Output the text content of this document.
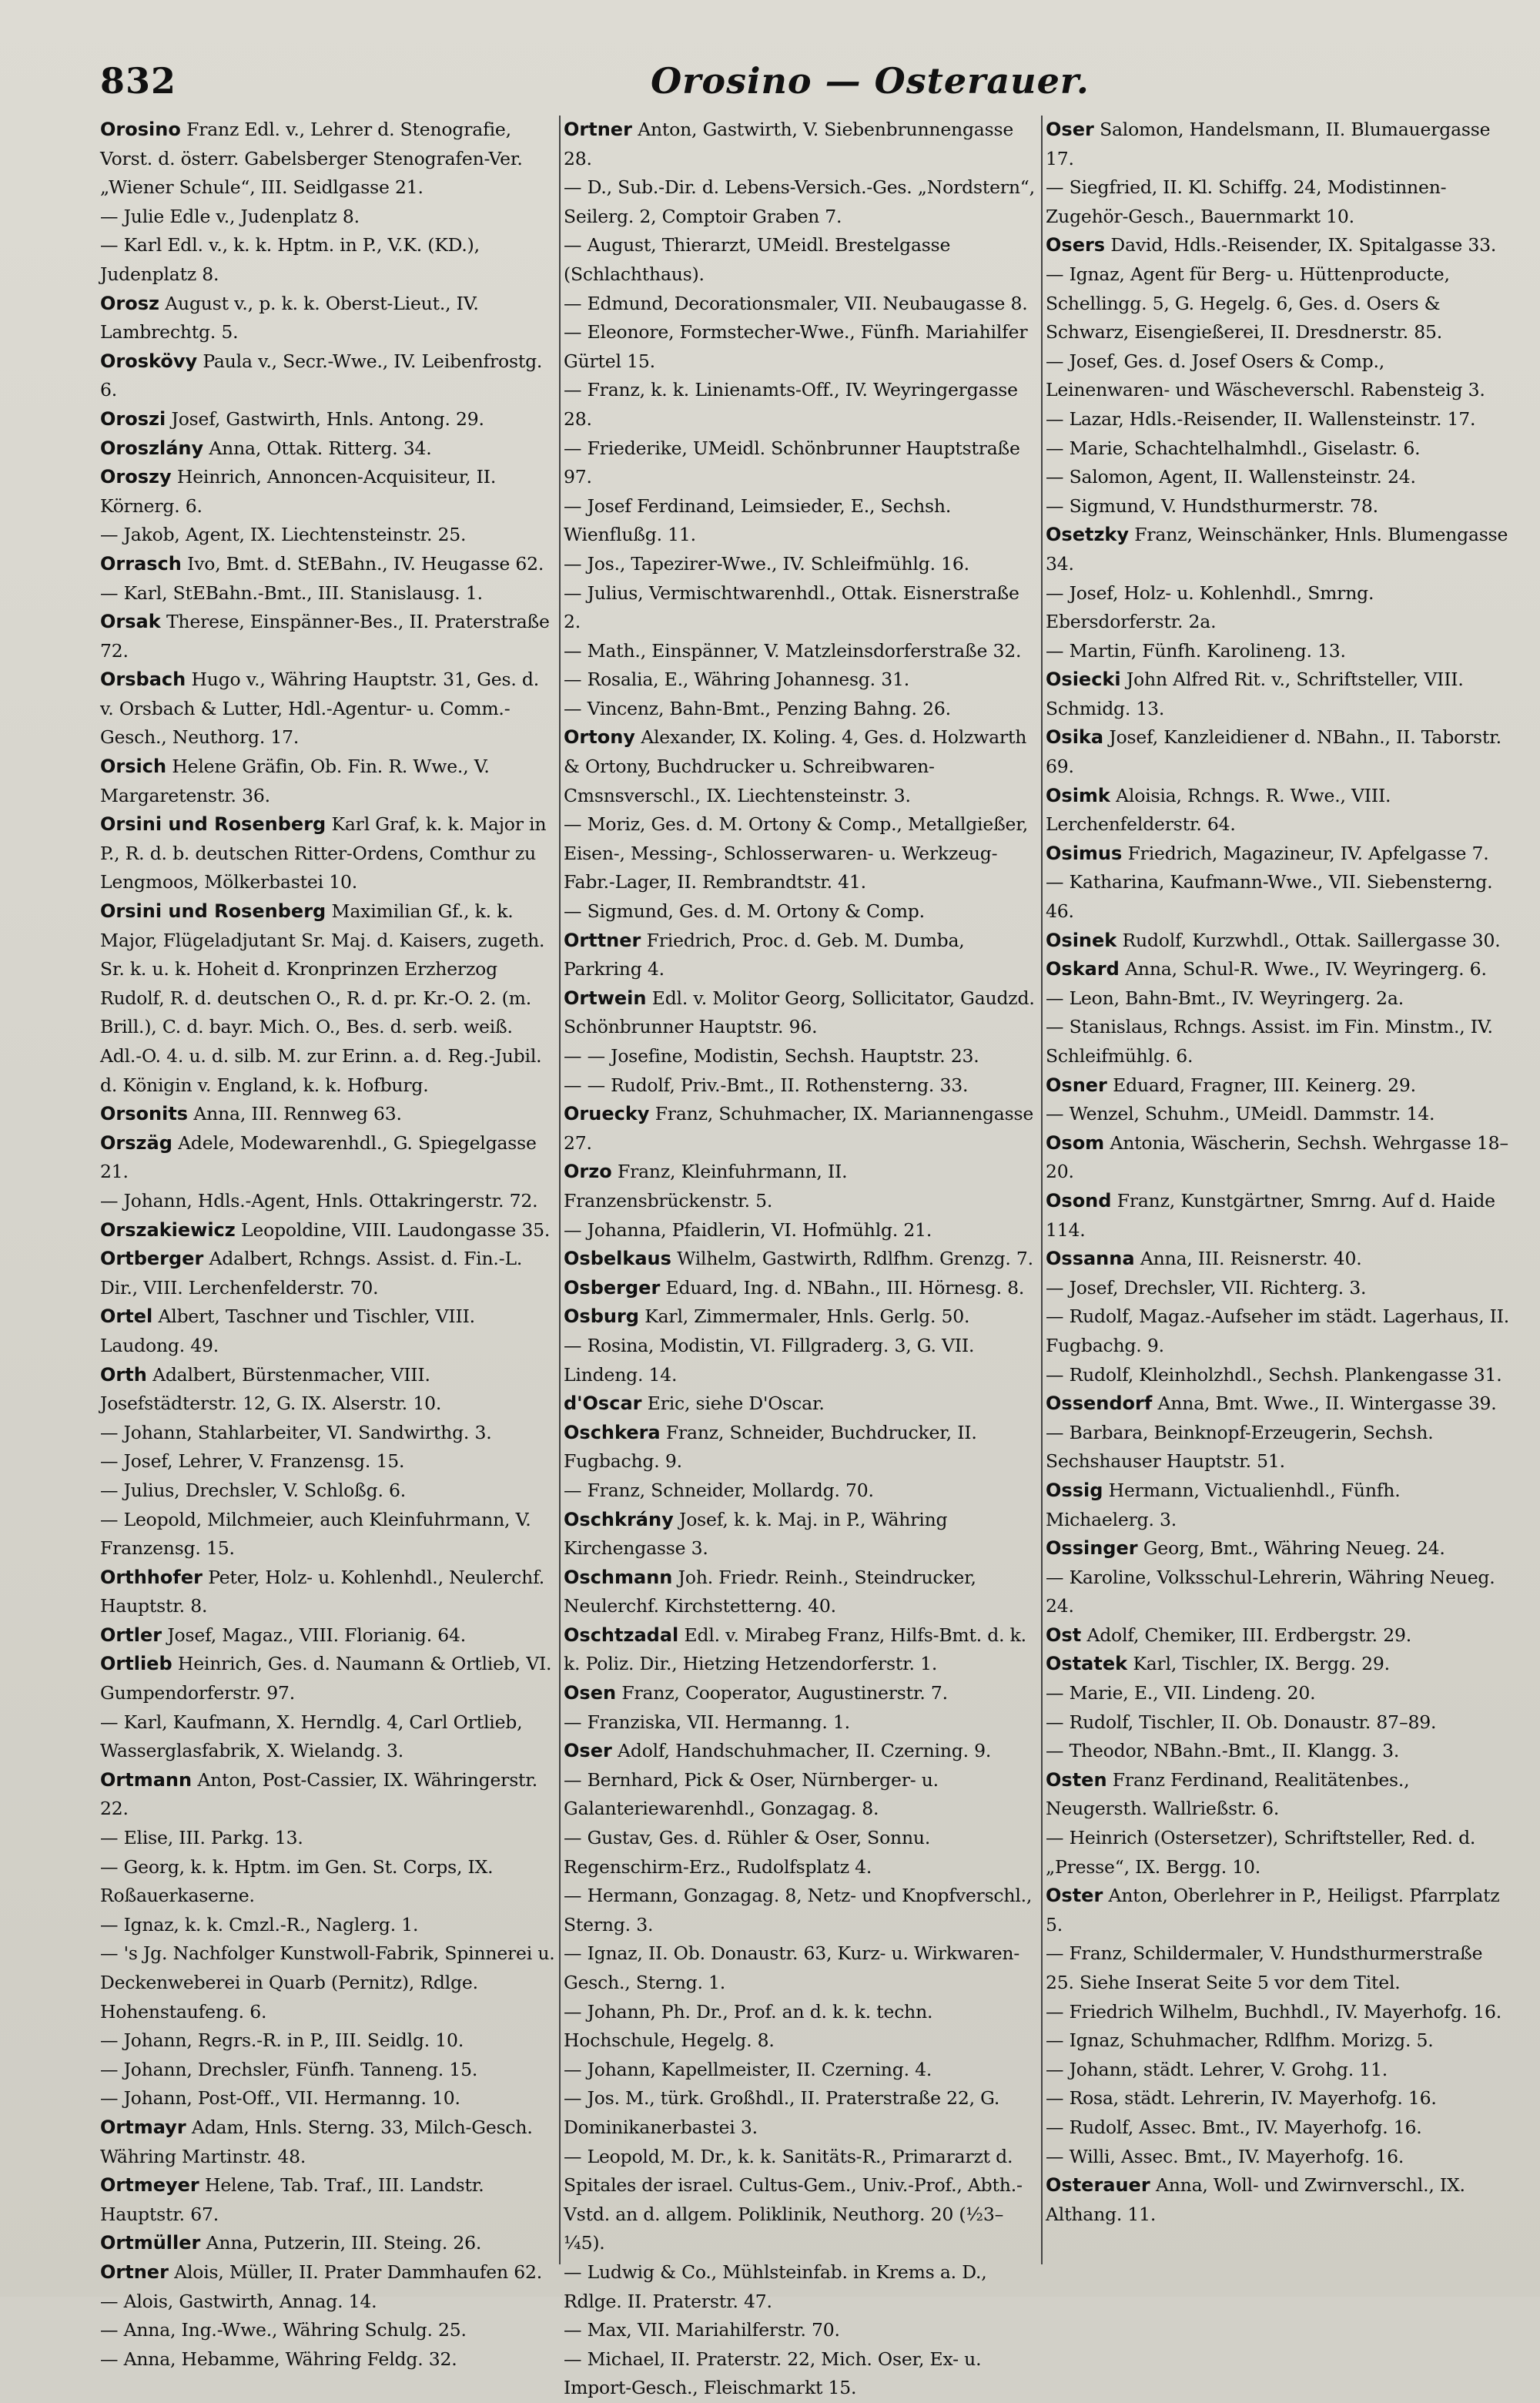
832	Orosino — Osterauer.

Orosino Franz Edl. v., Lehrer d. Stenografie, Vorst. d. österr. Gabelsberger Stenografen-Ver. „Wiener Schule“, III. Seidlgasse 21.

— Julie Edle v., Judenplatz 8.

— Karl Edl. v., k. k. Hptm. in P., V.K. (KD.), Judenplatz 8.

Orosz August v., p. k. k. Oberst-Lieut., IV. Lambrechtg. 5.

Oroskövy Paula v., Secr.-Wwe., IV. Leibenfrostg. 6.

Oroszi Josef, Gastwirth, Hnls. Antong. 29.

Oroszlány Anna, Ottak. Ritterg. 34.

Oroszy Heinrich, Annoncen-Acquisiteur, II. Körnerg. 6.

— Jakob, Agent, IX. Liechtensteinstr. 25.

Orrasch Ivo, Bmt. d. StEBahn., IV. Heugasse 62.

— Karl, StEBahn.-Bmt., III. Stanislausg. 1.

Orsak Therese, Einspänner-Bes., II. Praterstraße 72.

Orsbach Hugo v., Währing Hauptstr. 31, Ges. d. v. Orsbach & Lutter, Hdl.-Agentur- u. Comm.-Gesch., Neuthorg. 17.

Orsich Helene Gräfin, Ob. Fin. R. Wwe., V. Margaretenstr. 36.

Orsini und Rosenberg Karl Graf, k. k. Major in P., R. d. b. deutschen Ritter-Ordens, Comthur zu Lengmoos, Mölkerbastei 10.

Orsini und Rosenberg Maximilian Gf., k. k. Major, Flügeladjutant Sr. Maj. d. Kaisers, zugeth. Sr. k. u. k. Hoheit d. Kronprinzen Erzherzog Rudolf, R. d. deutschen O., R. d. pr. Kr.-O. 2. (m. Brill.), C. d. bayr. Mich. O., Bes. d. serb. weiß. Adl.-O. 4. u. d. silb. M. zur Erinn. a. d. Reg.-Jubil. d. Königin v. England, k. k. Hofburg.

Orsonits Anna, III. Rennweg 63.

Orszäg Adele, Modewarenhdl., G. Spiegelgasse 21.

— Johann, Hdls.-Agent, Hnls. Ottakringerstr. 72.

Orszakiewicz Leopoldine, VIII. Laudongasse 35.

Ortberger Adalbert, Rchngs. Assist. d. Fin.-L. Dir., VIII. Lerchenfelderstr. 70.

Ortel Albert, Taschner und Tischler, VIII. Laudong. 49.

Orth Adalbert, Bürstenmacher, VIII. Josefstädterstr. 12, G. IX. Alserstr. 10.

— Johann, Stahlarbeiter, VI. Sandwirthg. 3.

— Josef, Lehrer, V. Franzensg. 15.

— Julius, Drechsler, V. Schloßg. 6.

— Leopold, Milchmeier, auch Kleinfuhrmann, V. Franzensg. 15.

Orthhofer Peter, Holz- u. Kohlenhdl., Neulerchf. Hauptstr. 8.

Ortler Josef, Magaz., VIII. Florianig. 64.

Ortlieb Heinrich, Ges. d. Naumann & Ortlieb, VI. Gumpendorferstr. 97.

— Karl, Kaufmann, X. Herndlg. 4, Carl Ortlieb, Wasserglasfabrik, X. Wielandg. 3.

Ortmann Anton, Post-Cassier, IX. Währingerstr. 22.

— Elise, III. Parkg. 13.

— Georg, k. k. Hptm. im Gen. St. Corps, IX. Roßauerkaserne.

— Ignaz, k. k. Cmzl.-R., Naglerg. 1.

— 's Jg. Nachfolger Kunstwoll-Fabrik, Spinnerei u. Deckenweberei in Quarb (Pernitz), Rdlge. Hohenstaufeng. 6.

— Johann, Regrs.-R. in P., III. Seidlg. 10.

— Johann, Drechsler, Fünfh. Tanneng. 15.

— Johann, Post-Off., VII. Hermanng. 10.

Ortmayr Adam, Hnls. Sterng. 33, Milch-Gesch. Währing Martinstr. 48.

Ortmeyer Helene, Tab. Traf., III. Landstr. Hauptstr. 67.

Ortmüller Anna, Putzerin, III. Steing. 26.

Ortner Alois, Müller, II. Prater Dammhaufen 62.

— Alois, Gastwirth, Annag. 14.

— Anna, Ing.-Wwe., Währing Schulg. 25.

— Anna, Hebamme, Währing Feldg. 32.

Ortner Anton, Gastwirth, V. Siebenbrunnengasse 28.

— D., Sub.-Dir. d. Lebens-Versich.-Ges. „Nordstern“, Seilerg. 2, Comptoir Graben 7.

— August, Thierarzt, UMeidl. Brestelgasse (Schlachthaus).

— Edmund, Decorationsmaler, VII. Neubaugasse 8.

— Eleonore, Formstecher-Wwe., Fünfh. Mariahilfer Gürtel 15.

— Franz, k. k. Linienamts-Off., IV. Weyringergasse 28.

— Friederike, UMeidl. Schönbrunner Hauptstraße 97.

— Josef Ferdinand, Leimsieder, E., Sechsh. Wienflußg. 11.

— Jos., Tapezirer-Wwe., IV. Schleifmühlg. 16.

— Julius, Vermischtwarenhdl., Ottak. Eisnerstraße 2.

— Math., Einspänner, V. Matzleinsdorferstraße 32.

— Rosalia, E., Währing Johannesg. 31.

— Vincenz, Bahn-Bmt., Penzing Bahng. 26.

Ortony Alexander, IX. Koling. 4, Ges. d. Holzwarth & Ortony, Buchdrucker u. Schreibwaren-Cmsnsverschl., IX. Liechtensteinstr. 3.

— Moriz, Ges. d. M. Ortony & Comp., Metallgießer, Eisen-, Messing-, Schlosserwaren- u. Werkzeug-Fabr.-Lager, II. Rembrandtstr. 41.

— Sigmund, Ges. d. M. Ortony & Comp.

Orttner Friedrich, Proc. d. Geb. M. Dumba, Parkring 4.

Ortwein Edl. v. Molitor Georg, Sollicitator, Gaudzd. Schönbrunner Hauptstr. 96.

— — Josefine, Modistin, Sechsh. Hauptstr. 23.

— — Rudolf, Priv.-Bmt., II. Rothensterng. 33.

Oruecky Franz, Schuhmacher, IX. Mariannengasse 27.

Orzo Franz, Kleinfuhrmann, II. Franzensbrückenstr. 5.

— Johanna, Pfaidlerin, VI. Hofmühlg. 21.

Osbelkaus Wilhelm, Gastwirth, Rdlfhm. Grenzg. 7.

Osberger Eduard, Ing. d. NBahn., III. Hörnesg. 8.

Osburg Karl, Zimmermaler, Hnls. Gerlg. 50.

— Rosina, Modistin, VI. Fillgraderg. 3, G. VII. Lindeng. 14.

d'Oscar Eric, siehe D'Oscar.

Oschkera Franz, Schneider, Buchdrucker, II. Fugbachg. 9.

— Franz, Schneider, Mollardg. 70.

Oschkrány Josef, k. k. Maj. in P., Währing Kirchengasse 3.

Oschmann Joh. Friedr. Reinh., Steindrucker, Neulerchf. Kirchstetterng. 40.

Oschtzadal Edl. v. Mirabeg Franz, Hilfs-Bmt. d. k. k. Poliz. Dir., Hietzing Hetzendorferstr. 1.

Osen Franz, Cooperator, Augustinerstr. 7.

— Franziska, VII. Hermanng. 1.

Oser Adolf, Handschuhmacher, II. Czerning. 9.

— Bernhard, Pick & Oser, Nürnberger- u. Galanteriewarenhdl., Gonzagag. 8.

— Gustav, Ges. d. Rühler & Oser, Sonnu. Regenschirm-Erz., Rudolfsplatz 4.

— Hermann, Gonzagag. 8, Netz- und Knopfverschl., Sterng. 3.

— Ignaz, II. Ob. Donaustr. 63, Kurz- u. Wirkwaren-Gesch., Sterng. 1.

— Johann, Ph. Dr., Prof. an d. k. k. techn. Hochschule, Hegelg. 8.

— Johann, Kapellmeister, II. Czerning. 4.

— Jos. M., türk. Großhdl., II. Praterstraße 22, G. Dominikanerbastei 3.

— Leopold, M. Dr., k. k. Sanitäts-R., Primararzt d. Spitales der israel. Cultus-Gem., Univ.-Prof., Abth.-Vstd. an d. allgem. Poliklinik, Neuthorg. 20 (½3–¼5).

— Ludwig & Co., Mühlsteinfab. in Krems a. D., Rdlge. II. Praterstr. 47.

— Max, VII. Mariahilferstr. 70.

— Michael, II. Praterstr. 22, Mich. Oser, Ex- u. Import-Gesch., Fleischmarkt 15.

Oser Salomon, Handelsmann, II. Blumauergasse 17.

— Siegfried, II. Kl. Schiffg. 24, Modistinnen-Zugehör-Gesch., Bauernmarkt 10.

Osers David, Hdls.-Reisender, IX. Spitalgasse 33.

— Ignaz, Agent für Berg- u. Hüttenproducte, Schellingg. 5, G. Hegelg. 6, Ges. d. Osers & Schwarz, Eisengießerei, II. Dresdnerstr. 85.

— Josef, Ges. d. Josef Osers & Comp., Leinenwaren- und Wäscheverschl. Rabensteig 3.

— Lazar, Hdls.-Reisender, II. Wallensteinstr. 17.

— Marie, Schachtelhalmhdl., Giselastr. 6.

— Salomon, Agent, II. Wallensteinstr. 24.

— Sigmund, V. Hundsthurmerstr. 78.

Osetzky Franz, Weinschänker, Hnls. Blumengasse 34.

— Josef, Holz- u. Kohlenhdl., Smrng. Ebersdorferstr. 2a.

— Martin, Fünfh. Karolineng. 13.

Osiecki John Alfred Rit. v., Schriftsteller, VIII. Schmidg. 13.

Osika Josef, Kanzleidiener d. NBahn., II. Taborstr. 69.

Osimk Aloisia, Rchngs. R. Wwe., VIII. Lerchenfelderstr. 64.

Osimus Friedrich, Magazineur, IV. Apfelgasse 7.

— Katharina, Kaufmann-Wwe., VII. Siebensterng. 46.

Osinek Rudolf, Kurzwhdl., Ottak. Saillergasse 30.

Oskard Anna, Schul-R. Wwe., IV. Weyringerg. 6.

— Leon, Bahn-Bmt., IV. Weyringerg. 2a.

— Stanislaus, Rchngs. Assist. im Fin. Minstm., IV. Schleifmühlg. 6.

Osner Eduard, Fragner, III. Keinerg. 29.

— Wenzel, Schuhm., UMeidl. Dammstr. 14.

Osom Antonia, Wäscherin, Sechsh. Wehrgasse 18–20.

Osond Franz, Kunstgärtner, Smrng. Auf d. Haide 114.

Ossanna Anna, III. Reisnerstr. 40.

— Josef, Drechsler, VII. Richterg. 3.

— Rudolf, Magaz.-Aufseher im städt. Lagerhaus, II. Fugbachg. 9.

— Rudolf, Kleinholzhdl., Sechsh. Plankengasse 31.

Ossendorf Anna, Bmt. Wwe., II. Wintergasse 39.

— Barbara, Beinknopf-Erzeugerin, Sechsh. Sechshauser Hauptstr. 51.

Ossig Hermann, Victualienhdl., Fünfh. Michaelerg. 3.

Ossinger Georg, Bmt., Währing Neueg. 24.

— Karoline, Volksschul-Lehrerin, Währing Neueg. 24.

Ost Adolf, Chemiker, III. Erdbergstr. 29.

Ostatek Karl, Tischler, IX. Bergg. 29.

— Marie, E., VII. Lindeng. 20.

— Rudolf, Tischler, II. Ob. Donaustr. 87–89.

— Theodor, NBahn.-Bmt., II. Klangg. 3.

Osten Franz Ferdinand, Realitätenbes., Neugersth. Wallrießstr. 6.

— Heinrich (Ostersetzer), Schriftsteller, Red. d. „Presse“, IX. Bergg. 10.

Oster Anton, Oberlehrer in P., Heiligst. Pfarrplatz 5.

— Franz, Schildermaler, V. Hundsthurmerstraße 25. Siehe Inserat Seite 5 vor dem Titel.

— Friedrich Wilhelm, Buchhdl., IV. Mayerhofg. 16.

— Ignaz, Schuhmacher, Rdlfhm. Morizg. 5.

— Johann, städt. Lehrer, V. Grohg. 11.

— Rosa, städt. Lehrerin, IV. Mayerhofg. 16.

— Rudolf, Assec. Bmt., IV. Mayerhofg. 16.

— Willi, Assec. Bmt., IV. Mayerhofg. 16.

Osterauer Anna, Woll- und Zwirnverschl., IX. Althang. 11.
